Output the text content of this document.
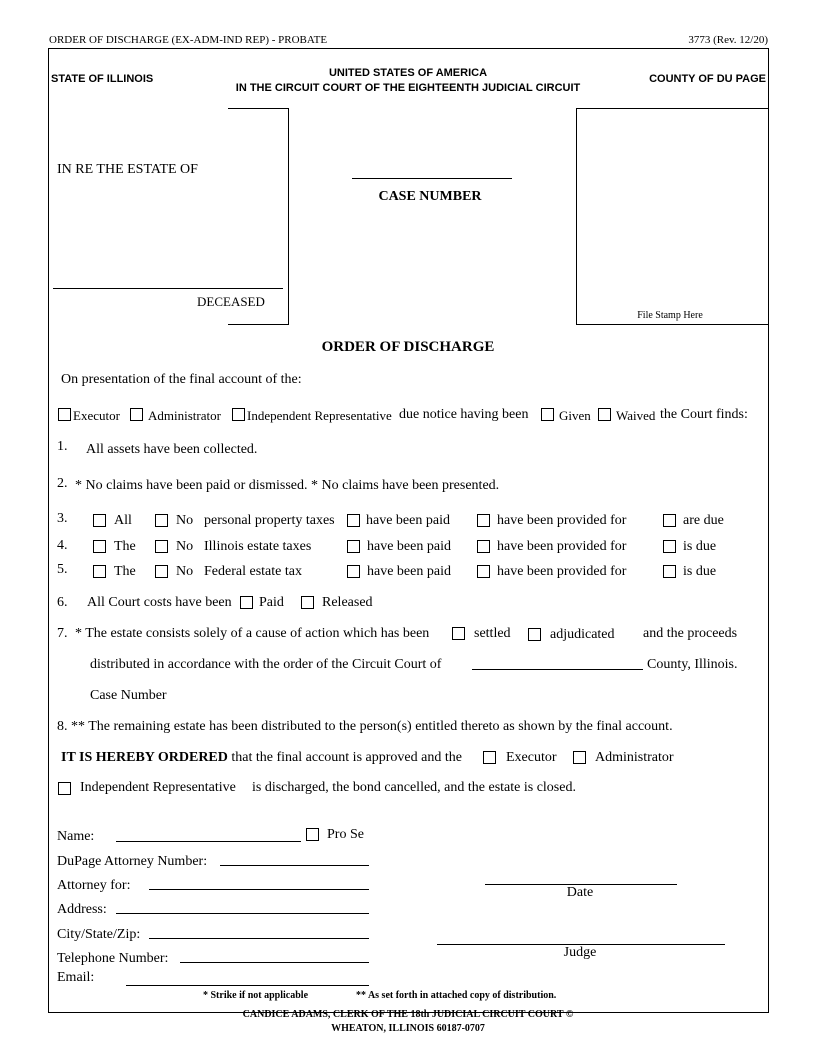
ORDER OF DISCHARGE (EX-ADM-IND REP) - PROBATE	3773 (Rev. 12/20)
STATE OF ILLINOIS	UNITED STATES OF AMERICA
IN THE CIRCUIT COURT OF THE EIGHTEENTH JUDICIAL CIRCUIT
COUNTY OF DU PAGE
IN RE THE ESTATE OF
DECEASED
CASE NUMBER
File Stamp Here
ORDER OF DISCHARGE
On presentation of the final account of the:
Executor Administrator Independent Representative due notice having been Given Waived the Court finds:
1. All assets have been collected.
2. * No claims have been paid or dismissed. * No claims have been presented.
3.	All	No personal property taxes have been paid	have been provided for	are due
4.	The	No Illinois estate taxes	have been paid	have been provided for	is due
5.	The	No Federal estate tax	have been paid	have been provided for	is due
6. All Court costs have been Paid	Released
7. * The estate consists solely of a cause of action which has been	settled	adjudicated and the proceeds
distributed in accordance with the order of the Circuit Court of	County, Illinois.
Case Number
8. ** The remaining estate has been distributed to the person(s) entitled thereto as shown by the final account.
IT IS HEREBY ORDERED that the final account is approved and the	Executor	Administrator
Independent Representative is discharged, the bond cancelled, and the estate is closed.
Name:	Pro Se
DuPage Attorney Number:
Attorney for:
Address:
City/State/Zip:
Telephone Number:
Email:
Date
Judge
* Strike if not applicable	** As set forth in attached copy of distribution.
CANDICE ADAMS, CLERK OF THE 18th JUDICIAL CIRCUIT COURT ©
WHEATON, ILLINOIS 60187-0707
